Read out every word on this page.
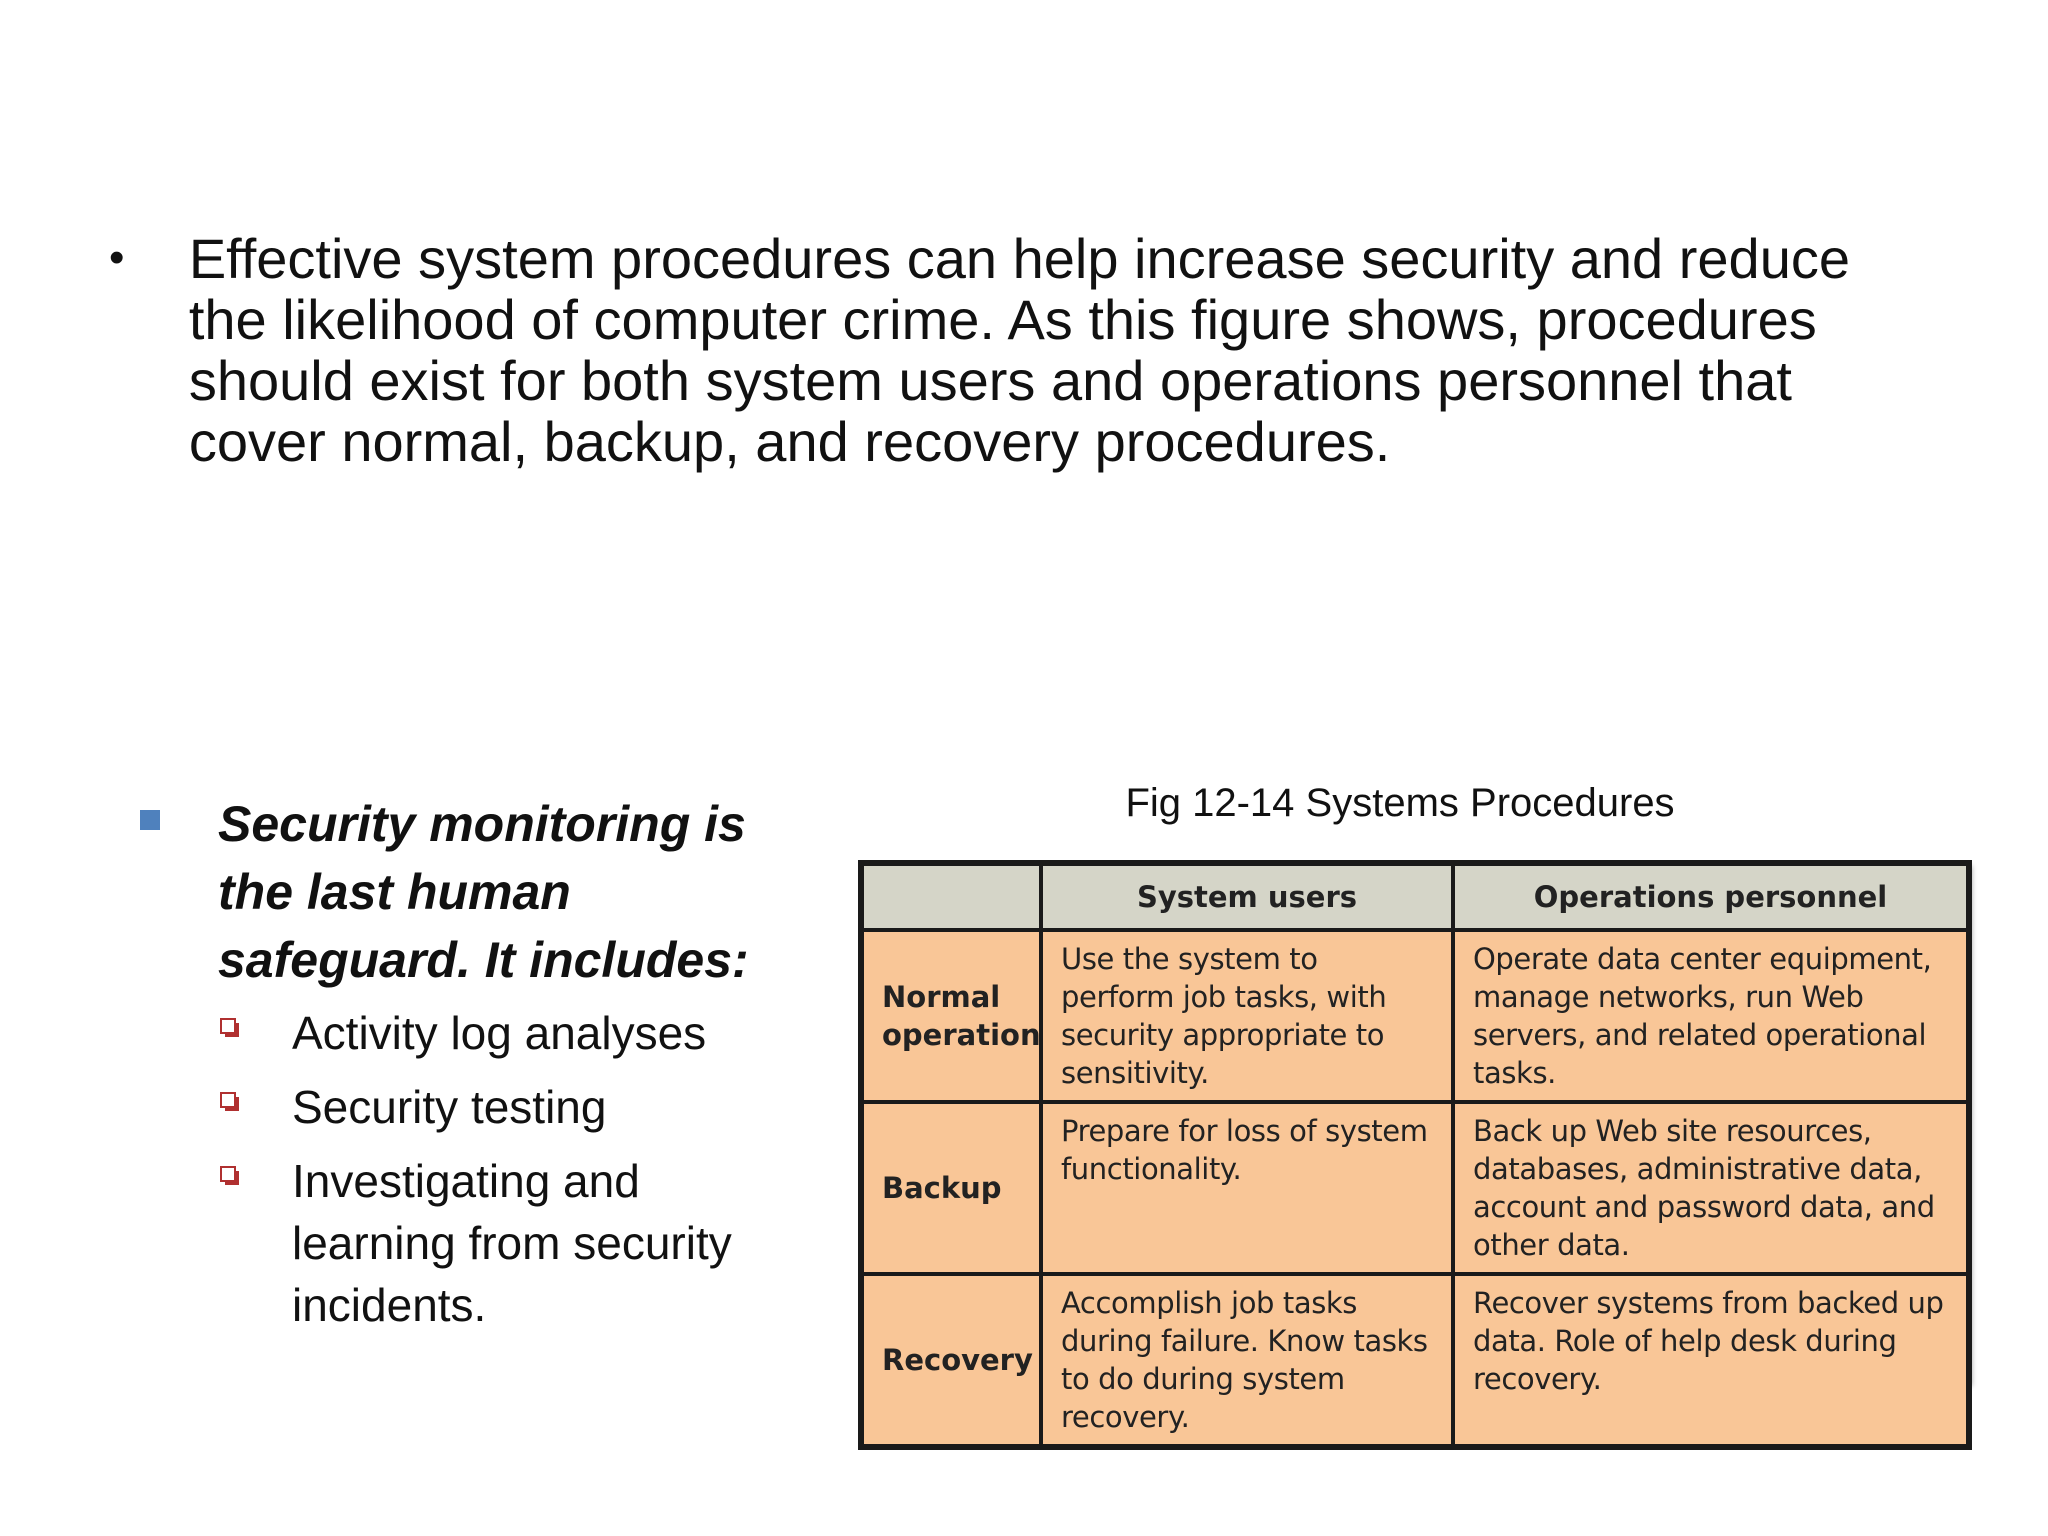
•	Effective system procedures can help increase security and reduce the likelihood of computer crime. As this figure shows, procedures should exist for both system users and operations personnel that cover normal, backup, and recovery procedures.
Security monitoring is the last human safeguard. It includes:
Activity log analyses
Security testing
Investigating and learning from security incidents.
Fig 12-14 Systems Procedures
	System users	Operations personnel
Normal operation	Use the system to perform job tasks, with security appropriate to sensitivity.	Operate data center equipment, manage networks, run Web servers, and related operational tasks.
Backup	Prepare for loss of system functionality.	Back up Web site resources, databases, administrative data, account and password data, and other data.
Recovery	Accomplish job tasks during failure. Know tasks to do during system recovery.	Recover systems from backed up data. Role of help desk during recovery.
